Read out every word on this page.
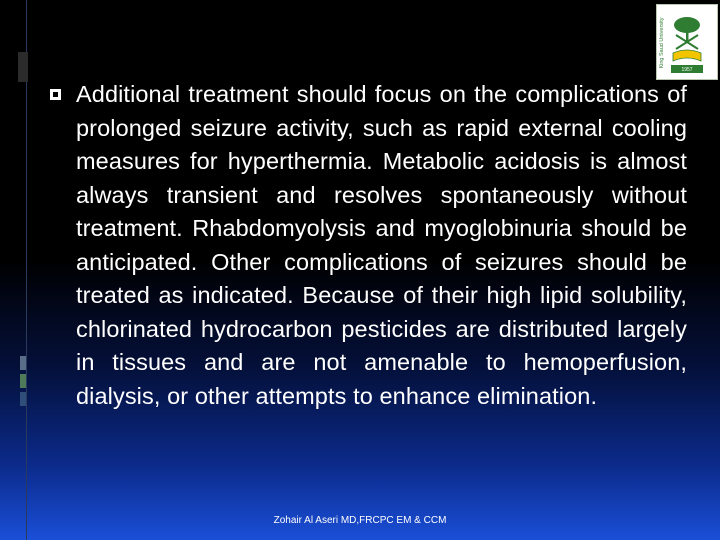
King Saud University
1957

Additional treatment should focus on the complications of prolonged seizure activity, such as rapid external cooling measures for hyperthermia. Metabolic acidosis is almost always transient and resolves spontaneously without treatment. Rhabdomyolysis and myoglobinuria should be anticipated. Other complications of seizures should be treated as indicated. Because of their high lipid solubility, chlorinated hydrocarbon pesticides are distributed largely in tissues and are not amenable to hemoperfusion, dialysis, or other attempts to enhance elimination.

Zohair Al Aseri MD,FRCPC EM & CCM
